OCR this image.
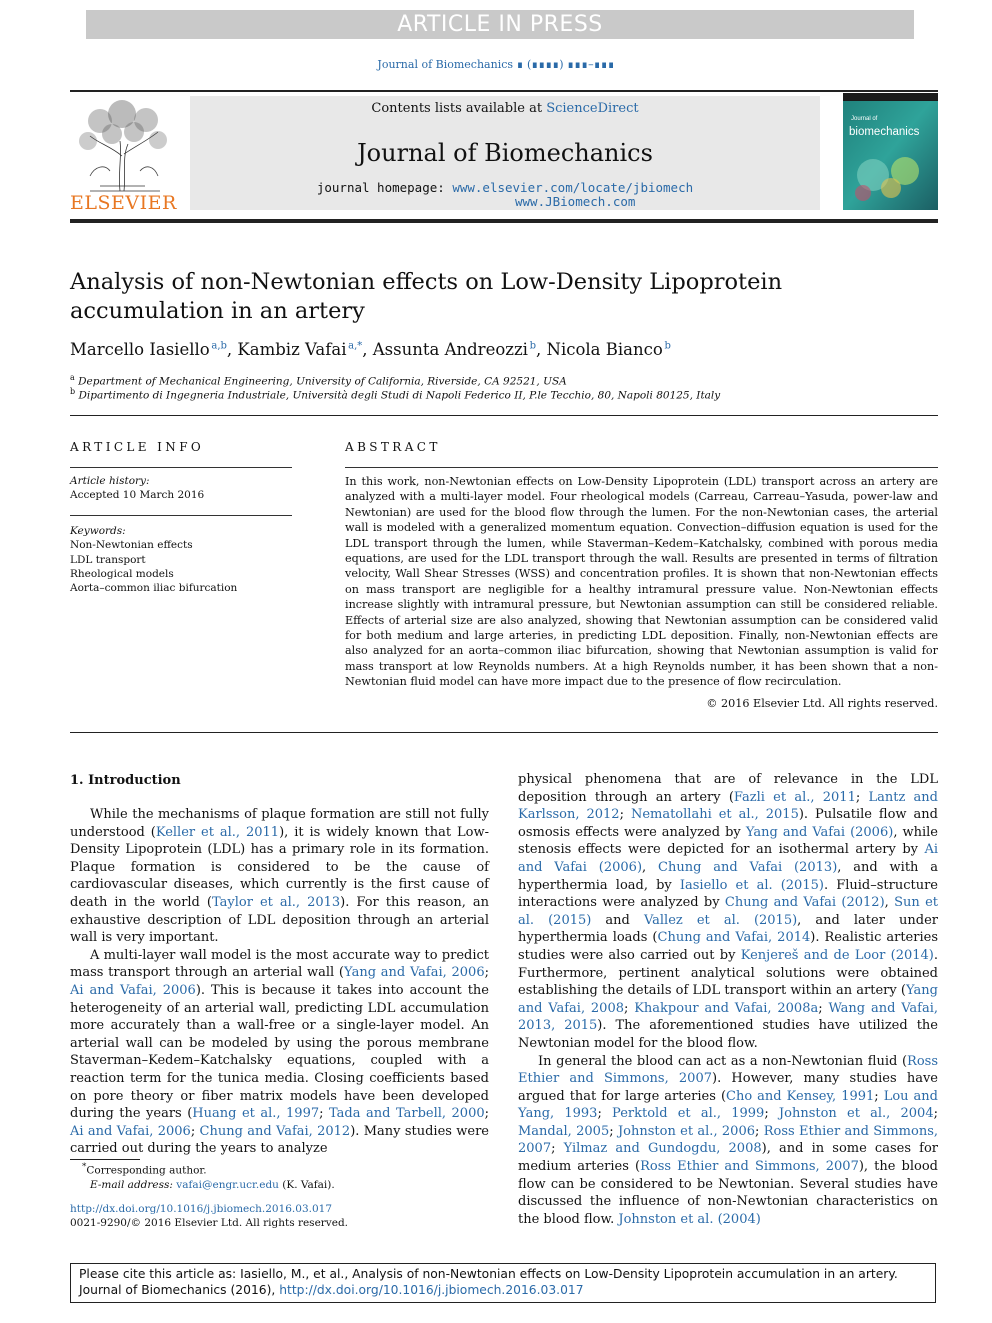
ARTICLE IN PRESS
Journal of Biomechanics ∎ (∎∎∎∎) ∎∎∎–∎∎∎
ELSEVIER
Contents lists available at ScienceDirect
Journal of Biomechanics
journal homepage: www.elsevier.com/locate/jbiomech
www.JBiomech.com
Journal of
biomechanics
Analysis of non-Newtonian effects on Low-Density Lipoprotein accumulation in an artery
Marcello Iasiello  $^{a,b}$, Kambiz Vafai  $^{a,*}$, Assunta Andreozzi  $^b$, Nicola Bianco  $^b$
$^a$ Department of Mechanical Engineering, University of California, Riverside, CA 92521, USA
$^b$ Dipartimento di Ingegneria Industriale, Università degli Studi di Napoli Federico II, P.le Tecchio, 80, Napoli 80125, Italy
ARTICLE INFO
Article history:
Accepted 10 March 2016
Keywords:
Non-Newtonian effects
LDL transport
Rheological models
Aorta–common iliac bifurcation
ABSTRACT
In this work, non-Newtonian effects on Low-Density Lipoprotein (LDL) transport across an artery are analyzed with a multi-layer model. Four rheological models (Carreau, Carreau–Yasuda, power-law and Newtonian) are used for the blood flow through the lumen. For the non-Newtonian cases, the arterial wall is modeled with a generalized momentum equation. Convection–diffusion equation is used for the LDL transport through the lumen, while Staverman–Kedem–Katchalsky, combined with porous media equations, are used for the LDL transport through the wall. Results are presented in terms of filtration velocity, Wall Shear Stresses (WSS) and concentration profiles. It is shown that non-Newtonian effects on mass transport are negligible for a healthy intramural pressure value. Non-Newtonian effects increase slightly with intramural pressure, but Newtonian assumption can still be considered reliable. Effects of arterial size are also analyzed, showing that Newtonian assumption can be considered valid for both medium and large arteries, in predicting LDL deposition. Finally, non-Newtonian effects are also analyzed for an aorta–common iliac bifurcation, showing that Newtonian assumption is valid for mass transport at low Reynolds numbers. At a high Reynolds number, it has been shown that a non-Newtonian fluid model can have more impact due to the presence of flow recirculation.
© 2016 Elsevier Ltd. All rights reserved.
1. Introduction

While the mechanisms of plaque formation are still not fully understood (Keller et al., 2011), it is widely known that Low-Density Lipoprotein (LDL) has a primary role in its formation. Plaque formation is considered to be the cause of cardiovascular diseases, which currently is the first cause of death in the world (Taylor et al., 2013). For this reason, an exhaustive description of LDL deposition through an arterial wall is very important.

A multi-layer wall model is the most accurate way to predict mass transport through an arterial wall (Yang and Vafai, 2006; Ai and Vafai, 2006). This is because it takes into account the heterogeneity of an arterial wall, predicting LDL accumulation more accurately than a wall-free or a single-layer model. An arterial wall can be modeled by using the porous membrane Staverman–Kedem–Katchalsky equations, coupled with a reaction term for the tunica media. Closing coefficients based on pore theory or fiber matrix models have been developed during the years (Huang et al., 1997; Tada and Tarbell, 2000; Ai and Vafai, 2006; Chung and Vafai, 2012). Many studies were carried out during the years to analyze

physical phenomena that are of relevance in the LDL deposition through an artery (Fazli et al., 2011; Lantz and Karlsson, 2012; Nematollahi et al., 2015). Pulsatile flow and osmosis effects were analyzed by Yang and Vafai (2006), while stenosis effects were depicted for an isothermal artery by Ai and Vafai (2006), Chung and Vafai (2013), and with a hyperthermia load, by Iasiello et al. (2015). Fluid–structure interactions were analyzed by Chung and Vafai (2012), Sun et al. (2015) and Vallez et al. (2015), and later under hyperthermia loads (Chung and Vafai, 2014). Realistic arteries studies were also carried out by Kenjereš and de Loor (2014). Furthermore, pertinent analytical solutions were obtained establishing the details of LDL transport within an artery (Yang and Vafai, 2008; Khakpour and Vafai, 2008a; Wang and Vafai, 2013, 2015). The aforementioned studies have utilized the Newtonian model for the blood flow.

In general the blood can act as a non-Newtonian fluid (Ross Ethier and Simmons, 2007). However, many studies have argued that for large arteries (Cho and Kensey, 1991; Lou and Yang, 1993; Perktold et al., 1999; Johnston et al., 2004; Mandal, 2005; Johnston et al., 2006; Ross Ethier and Simmons, 2007; Yilmaz and Gundogdu, 2008), and in some cases for medium arteries (Ross Ethier and Simmons, 2007), the blood flow can be considered to be Newtonian. Several studies have discussed the influence of non-Newtonian characteristics on the blood flow. Johnston et al. (2004)

*Corresponding author.
E-mail address: vafai@engr.ucr.edu (K. Vafai).
http://dx.doi.org/10.1016/j.jbiomech.2016.03.017
0021-9290/© 2016 Elsevier Ltd. All rights reserved.
Please cite this article as: Iasiello, M., et al., Analysis of non-Newtonian effects on Low-Density Lipoprotein accumulation in an artery. Journal of Biomechanics (2016), http://dx.doi.org/10.1016/j.jbiomech.2016.03.017
